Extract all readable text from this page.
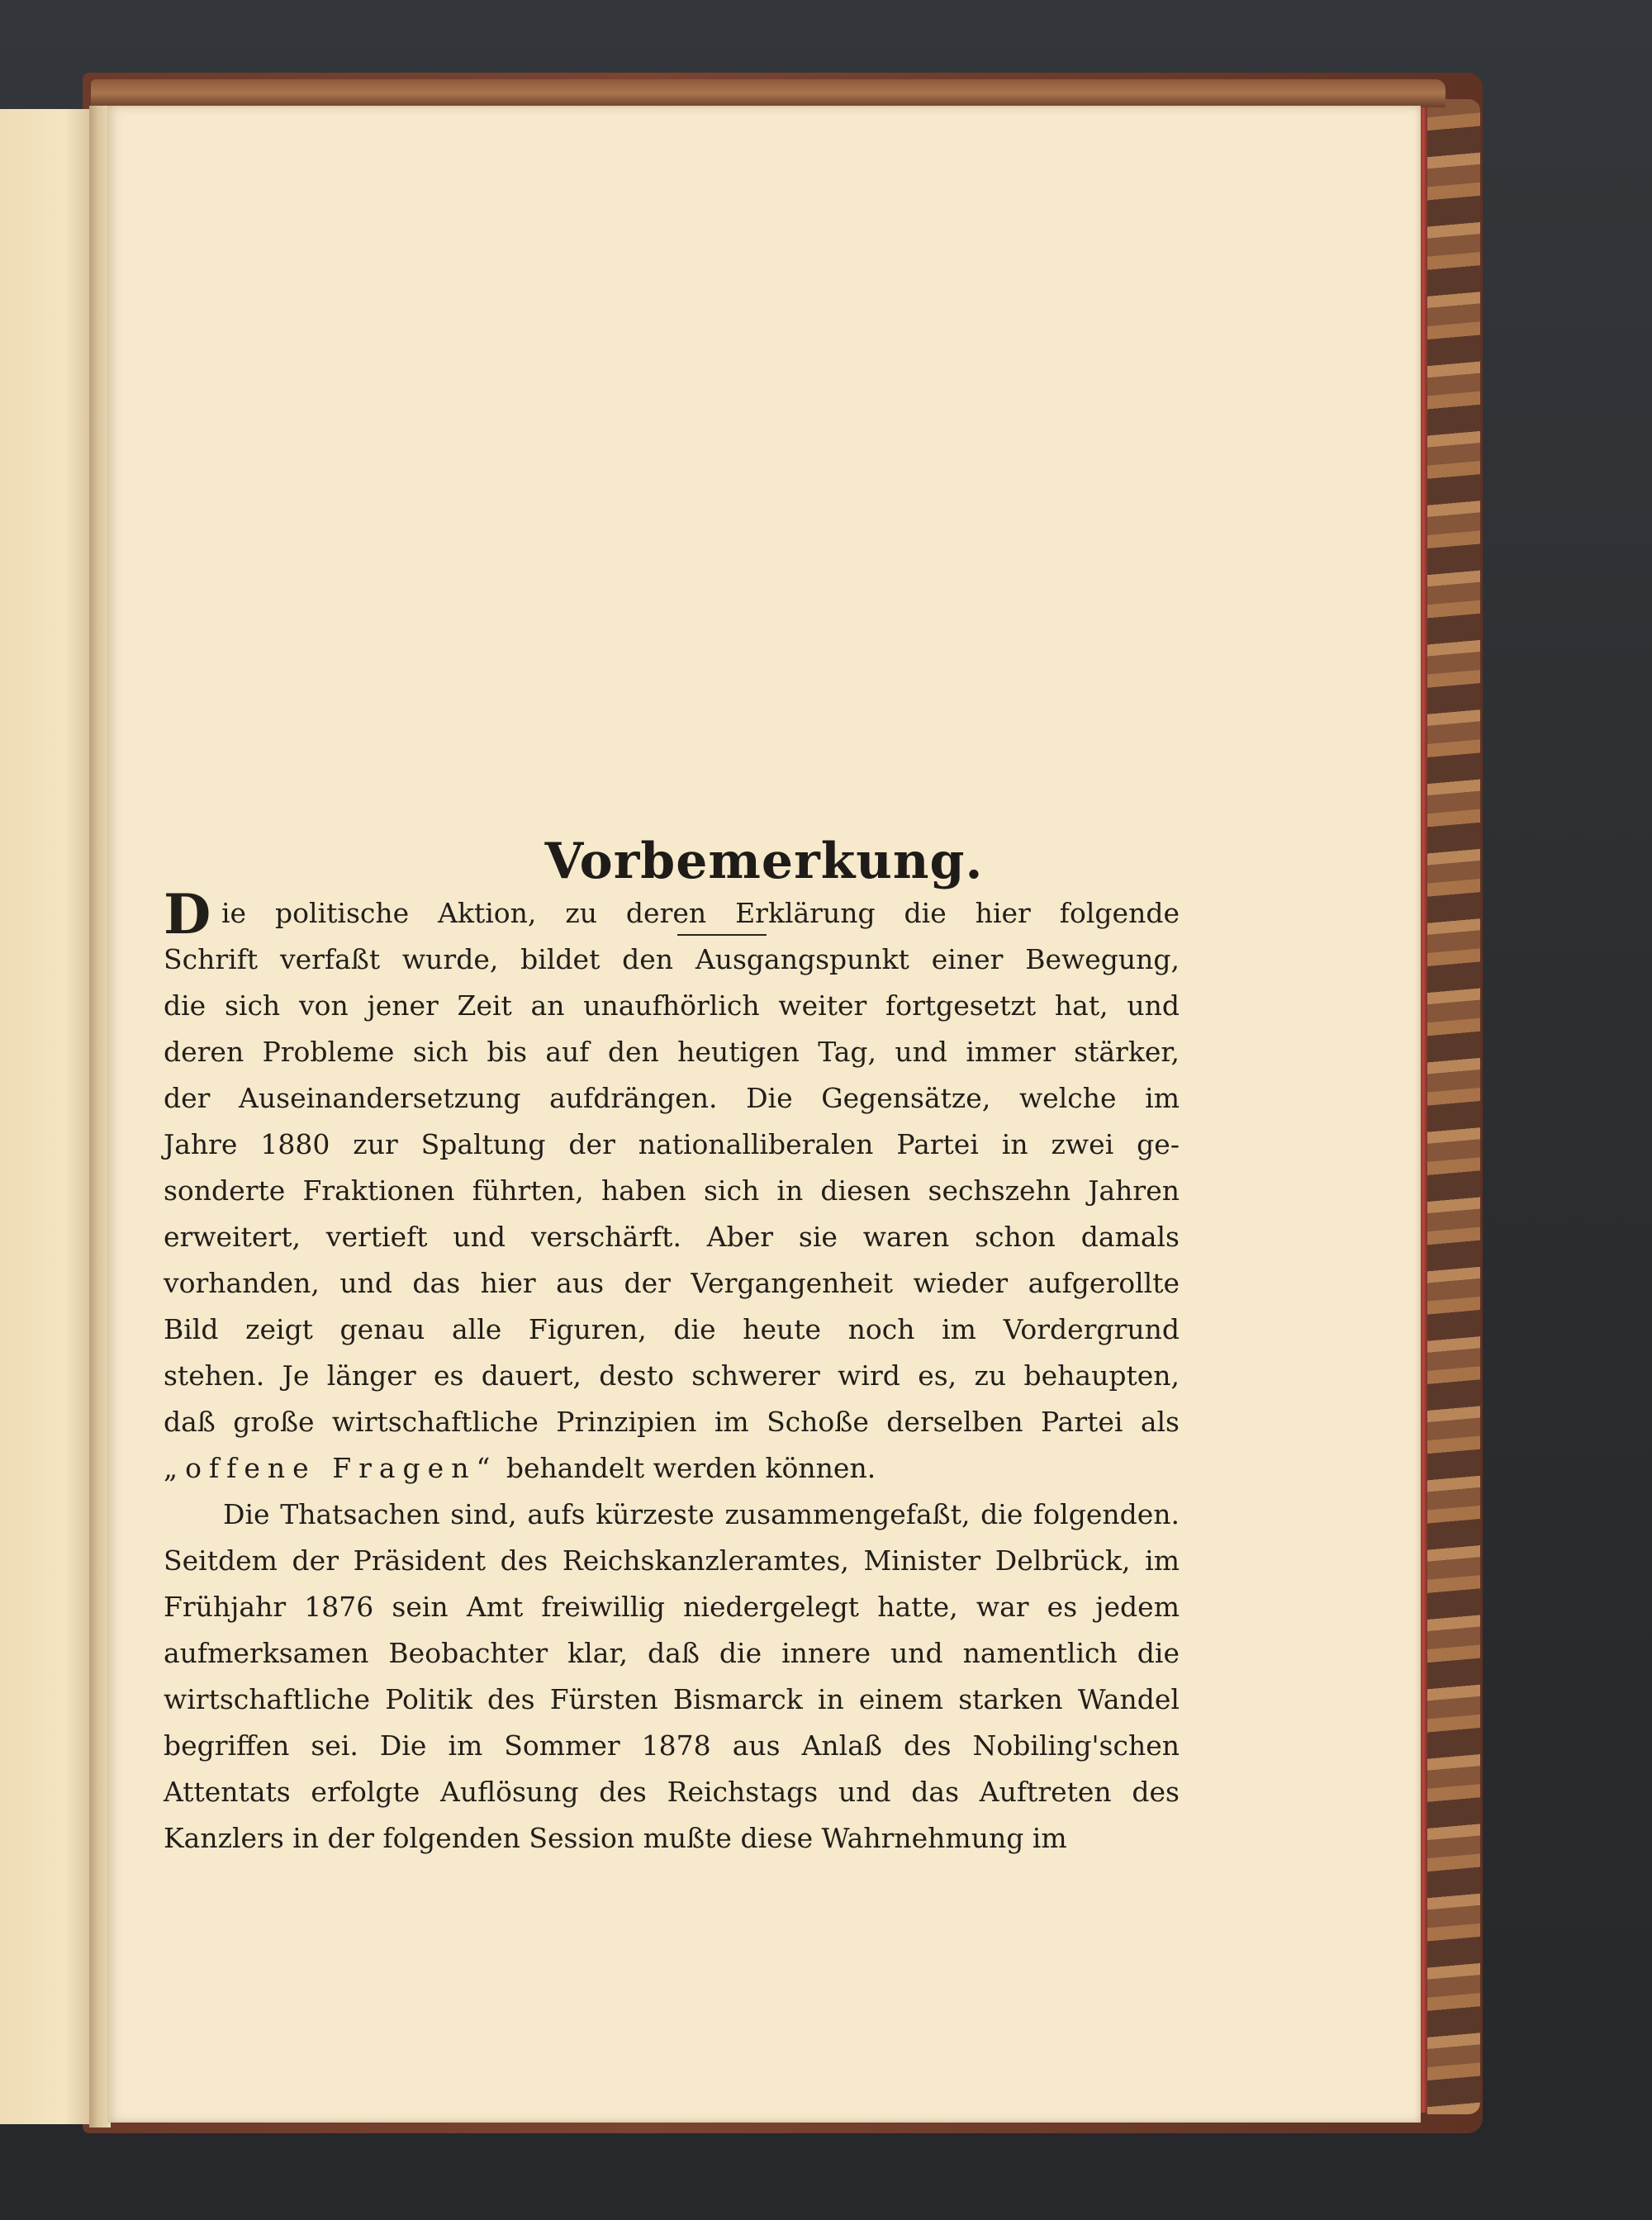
Vorbemerkung.
D ie politische Aktion, zu deren Erklärung die hier folgende
Schrift verfaßt wurde, bildet den Ausgangspunkt einer Bewegung,
die sich von jener Zeit an unaufhörlich weiter fortgesetzt hat, und
deren Probleme sich bis auf den heutigen Tag, und immer stärker,
der Auseinandersetzung aufdrängen. Die Gegensätze, welche im
Jahre 1880 zur Spaltung der nationalliberalen Partei in zwei ge-
sonderte Fraktionen führten, haben sich in diesen sechszehn Jahren
erweitert, vertieft und verschärft. Aber sie waren schon damals
vorhanden, und das hier aus der Vergangenheit wieder aufgerollte
Bild zeigt genau alle Figuren, die heute noch im Vordergrund
stehen. Je länger es dauert, desto schwerer wird es, zu behaupten,
daß große wirtschaftliche Prinzipien im Schoße derselben Partei als
„offene Fragen“ behandelt werden können.
Die Thatsachen sind, aufs kürzeste zusammengefaßt, die folgenden.
Seitdem der Präsident des Reichskanzleramtes, Minister Delbrück, im
Frühjahr 1876 sein Amt freiwillig niedergelegt hatte, war es jedem
aufmerksamen Beobachter klar, daß die innere und namentlich die
wirtschaftliche Politik des Fürsten Bismarck in einem starken Wandel
begriffen sei. Die im Sommer 1878 aus Anlaß des Nobiling'schen
Attentats erfolgte Auflösung des Reichstags und das Auftreten des
Kanzlers in der folgenden Session mußte diese Wahrnehmung im
